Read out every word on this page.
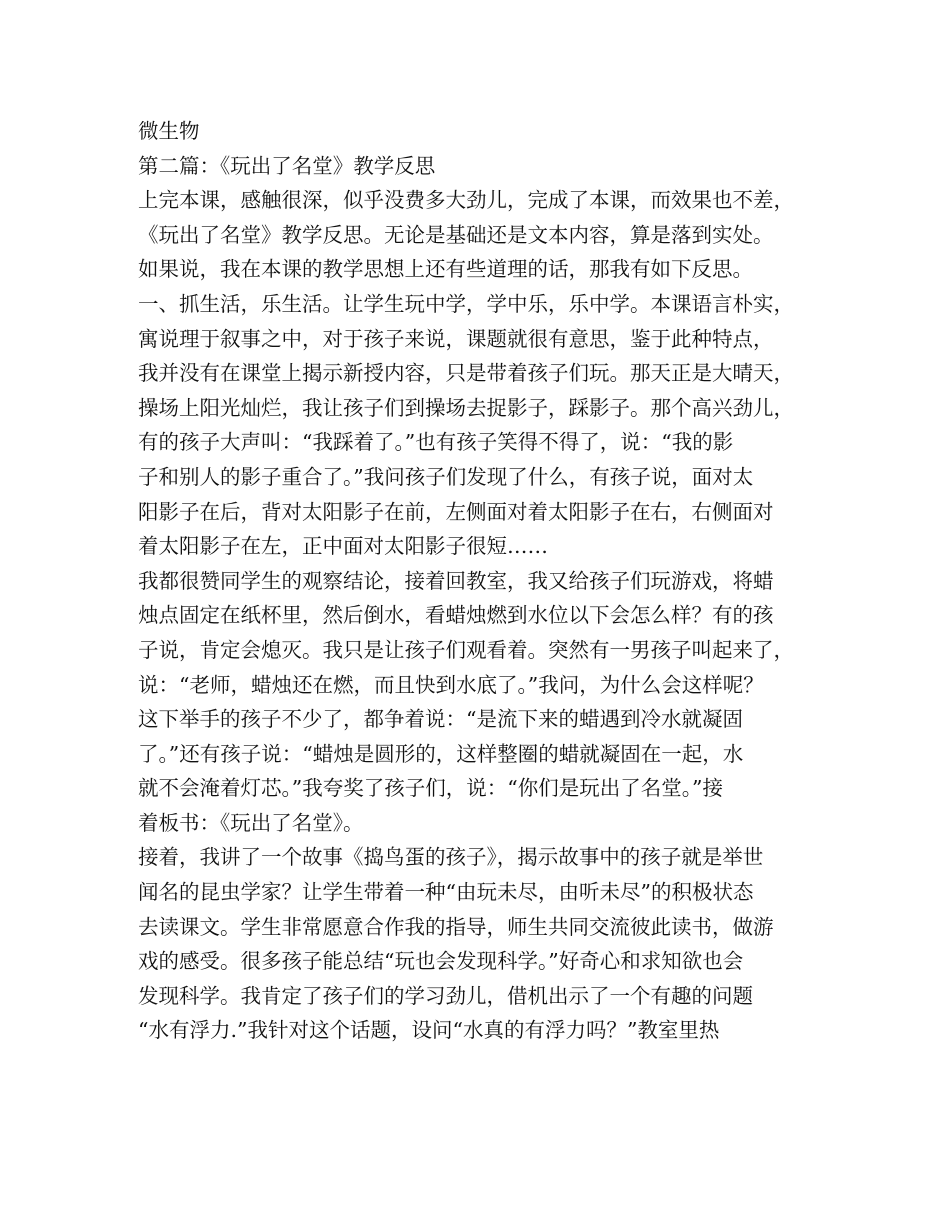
微生物
第二篇：《玩出了名堂》教学反思
上完本课，感触很深，似乎没费多大劲儿，完成了本课，而效果也不差，
《玩出了名堂》教学反思。无论是基础还是文本内容，算是落到实处。
如果说，我在本课的教学思想上还有些道理的话，那我有如下反思。
一、抓生活，乐生活。让学生玩中学，学中乐，乐中学。本课语言朴实，
寓说理于叙事之中，对于孩子来说，课题就很有意思，鉴于此种特点，
我并没有在课堂上揭示新授内容，只是带着孩子们玩。那天正是大晴天，
操场上阳光灿烂，我让孩子们到操场去捉影子，踩影子。那个高兴劲儿，
有的孩子大声叫：“我踩着了。”也有孩子笑得不得了，说：“我的影
子和别人的影子重合了。”我问孩子们发现了什么，有孩子说，面对太
阳影子在后，背对太阳影子在前，左侧面对着太阳影子在右，右侧面对
着太阳影子在左，正中面对太阳影子很短……
我都很赞同学生的观察结论，接着回教室，我又给孩子们玩游戏，将蜡
烛点固定在纸杯里，然后倒水，看蜡烛燃到水位以下会怎么样？有的孩
子说，肯定会熄灭。我只是让孩子们观看着。突然有一男孩子叫起来了，
说：“老师，蜡烛还在燃，而且快到水底了。”我问，为什么会这样呢？
这下举手的孩子不少了，都争着说：“是流下来的蜡遇到冷水就凝固
了。”还有孩子说：“蜡烛是圆形的，这样整圈的蜡就凝固在一起，水
就不会淹着灯芯。”我夸奖了孩子们，说：“你们是玩出了名堂。”接
着板书：《玩出了名堂》。
接着，我讲了一个故事《捣鸟蛋的孩子》，揭示故事中的孩子就是举世
闻名的昆虫学家？让学生带着一种“由玩未尽，由听未尽”的积极状态
去读课文。学生非常愿意合作我的指导，师生共同交流彼此读书，做游
戏的感受。很多孩子能总结“玩也会发现科学。”好奇心和求知欲也会
发现科学。我肯定了孩子们的学习劲儿，借机出示了一个有趣的问题
“水有浮力.”我针对这个话题，设问“水真的有浮力吗？”教室里热
